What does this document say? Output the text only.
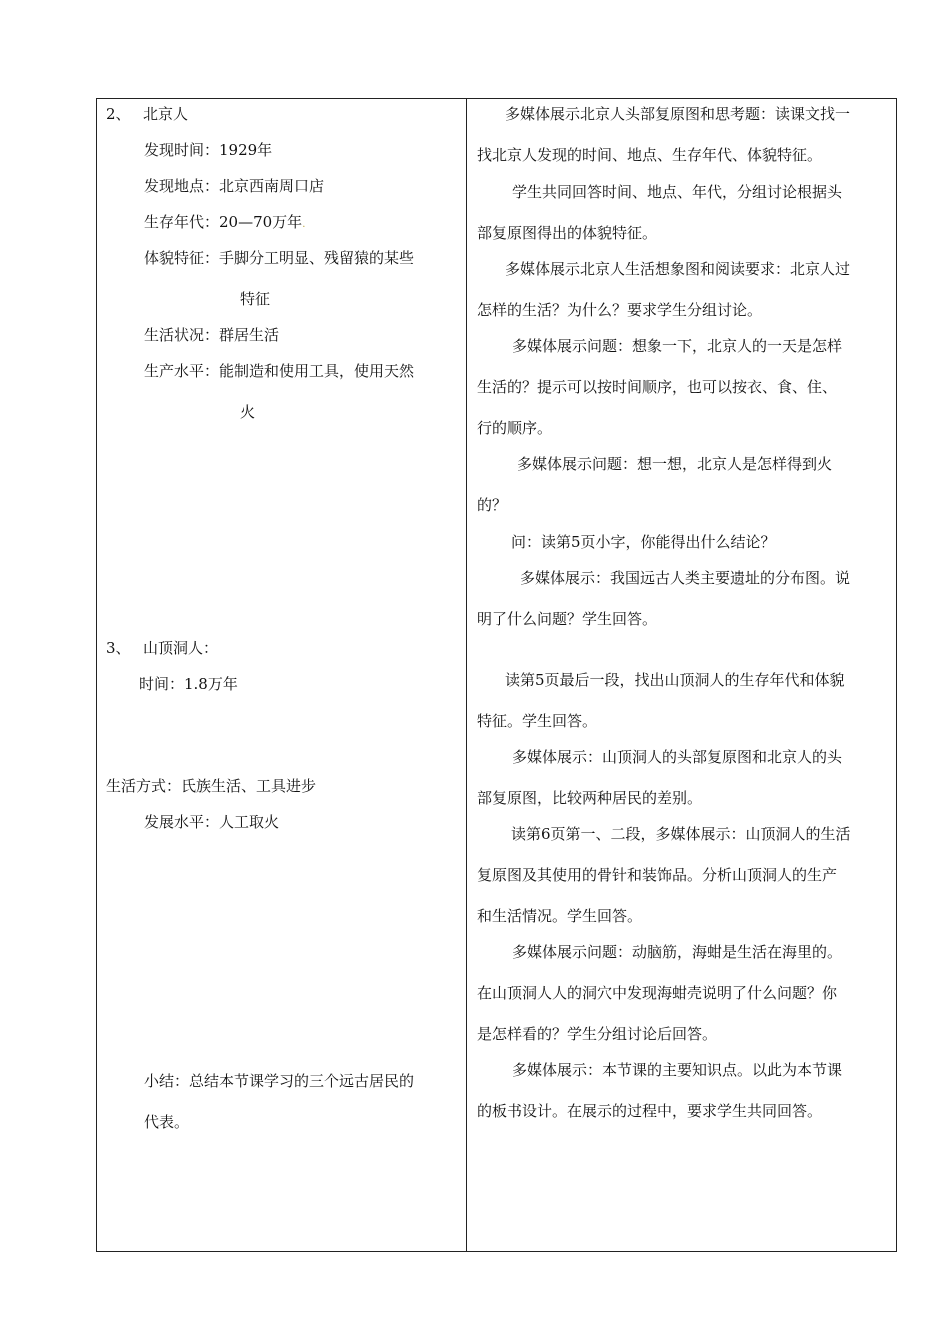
2、 北京人
发现时间：1929年
发现地点：北京西南周口店
生存年代：20—70万年.
体貌特征：手脚分工明显、残留猿的某些
特征
生活状况：群居生活
生产水平：能制造和使用工具，使用天然
火
3、 山顶洞人：
时间：1.8万年
生活方式：氏族生活、工具进步
发展水平：人工取火
小结：总结本节课学习的三个远古居民的
代表。
多媒体展示北京人头部复原图和思考题：读课文找一
找北京人发现的时间、地点、生存年代、体貌特征。
学生共同回答时间、地点、年代，分组讨论根据头
部复原图得出的体貌特征。
多媒体展示北京人生活想象图和阅读要求：北京人过
怎样的生活？为什么？要求学生分组讨论。
多媒体展示问题：想象一下，北京人的一天是怎样
生活的？提示可以按时间顺序，也可以按衣、食、住、
行的顺序。
多媒体展示问题：想一想，北京人是怎样得到火
的？
问：读第5页小字，你能得出什么结论？
多媒体展示：我国远古人类主要遗址的分布图。说
明了什么问题？学生回答。
读第5页最后一段，找出山顶洞人的生存年代和体貌
特征。学生回答。
多媒体展示：山顶洞人的头部复原图和北京人的头
部复原图，比较两种居民的差别。
读第6页第一、二段，多媒体展示：山顶洞人的生活
复原图及其使用的骨针和装饰品。分析山顶洞人的生产
和生活情况。学生回答。
多媒体展示问题：动脑筋，海蚶是生活在海里的。
在山顶洞人人的洞穴中发现海蚶壳说明了什么问题？你
是怎样看的？学生分组讨论后回答。
多媒体展示：本节课的主要知识点。以此为本节课
的板书设计。在展示的过程中，要求学生共同回答。
